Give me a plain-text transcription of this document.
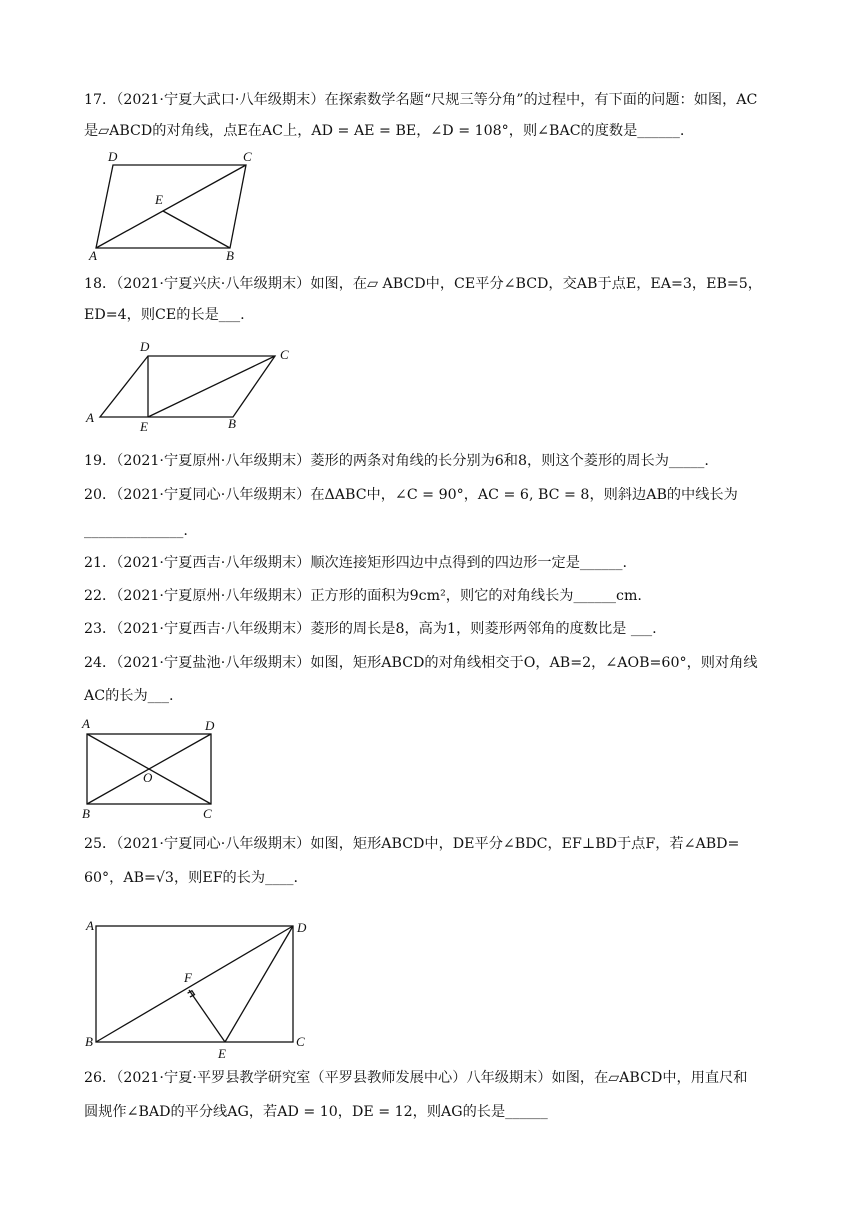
17．（2021·宁夏大武口·八年级期末）在探索数学名题“尺规三等分角”的过程中，有下面的问题：如图，AC
是▱ABCD的对角线，点E在AC上，AD = AE = BE，∠D = 108°，则∠BAC的度数是______.
D	C
E
A	B
18．（2021·宁夏兴庆·八年级期末）如图，在▱ ABCD中，CE平分∠BCD，交AB于点E，EA=3，EB=5，
ED=4，则CE的长是___.
D
C
A
E	B
19．（2021·宁夏原州·八年级期末）菱形的两条对角线的长分别为6和8，则这个菱形的周长为_____.
20．（2021·宁夏同心·八年级期末）在ΔABC中，∠C = 90°，AC = 6, BC = 8，则斜边AB的中线长为
______________.
21．（2021·宁夏西吉·八年级期末）顺次连接矩形四边中点得到的四边形一定是______.
22．（2021·宁夏原州·八年级期末）正方形的面积为9cm²，则它的对角线长为______cm.
23．（2021·宁夏西吉·八年级期末）菱形的周长是8，高为1，则菱形两邻角的度数比是 ___.
24．（2021·宁夏盐池·八年级期末）如图，矩形ABCD的对角线相交于O，AB=2，∠AOB=60°，则对角线
AC的长为___.
A	D
O
B	C
25．（2021·宁夏同心·八年级期末）如图，矩形ABCD中，DE平分∠BDC，EF⊥BD于点F，若∠ABD=
60°，AB=√3，则EF的长为____.
A	D
F
B
E
C
26．（2021·宁夏·平罗县教学研究室（平罗县教师发展中心）八年级期末）如图，在▱ABCD中，用直尺和
圆规作∠BAD的平分线AG，若AD = 10，DE = 12，则AG的长是______
